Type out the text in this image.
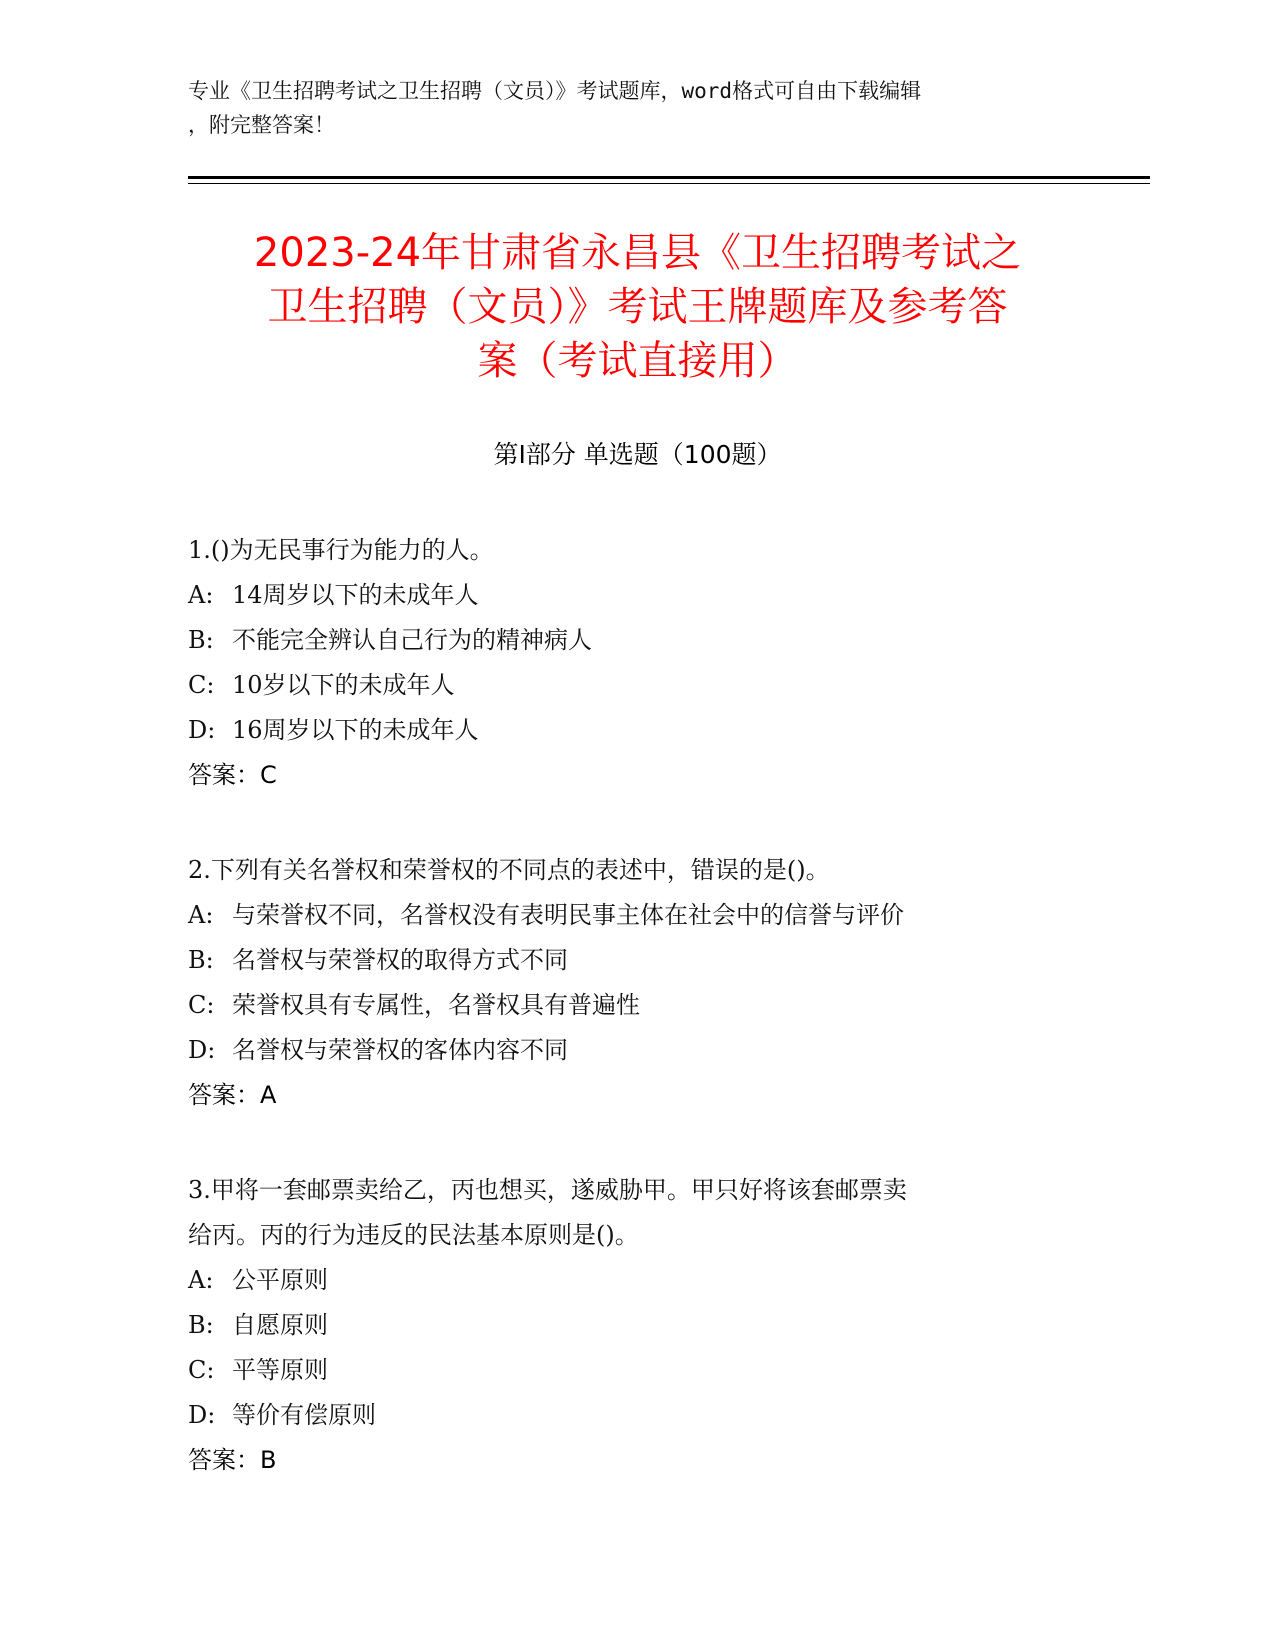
专业《卫生招聘考试之卫生招聘（文员）》考试题库，word格式可自由下载编辑
，附完整答案！
2023-24年甘肃省永昌县《卫生招聘考试之
卫生招聘（文员）》考试王牌题库及参考答
案（考试直接用）
第Ⅰ部分 单选题（100题）
1.()为无民事行为能力的人。
A: 14周岁以下的未成年人
B: 不能完全辨认自己行为的精神病人
C: 10岁以下的未成年人
D: 16周岁以下的未成年人
答案：C
2.下列有关名誉权和荣誉权的不同点的表述中，错误的是()。
A: 与荣誉权不同，名誉权没有表明民事主体在社会中的信誉与评价
B: 名誉权与荣誉权的取得方式不同
C: 荣誉权具有专属性，名誉权具有普遍性
D: 名誉权与荣誉权的客体内容不同
答案：A
3.甲将一套邮票卖给乙，丙也想买，遂威胁甲。甲只好将该套邮票卖
给丙。丙的行为违反的民法基本原则是()。
A: 公平原则
B: 自愿原则
C: 平等原则
D: 等价有偿原则
答案：B
